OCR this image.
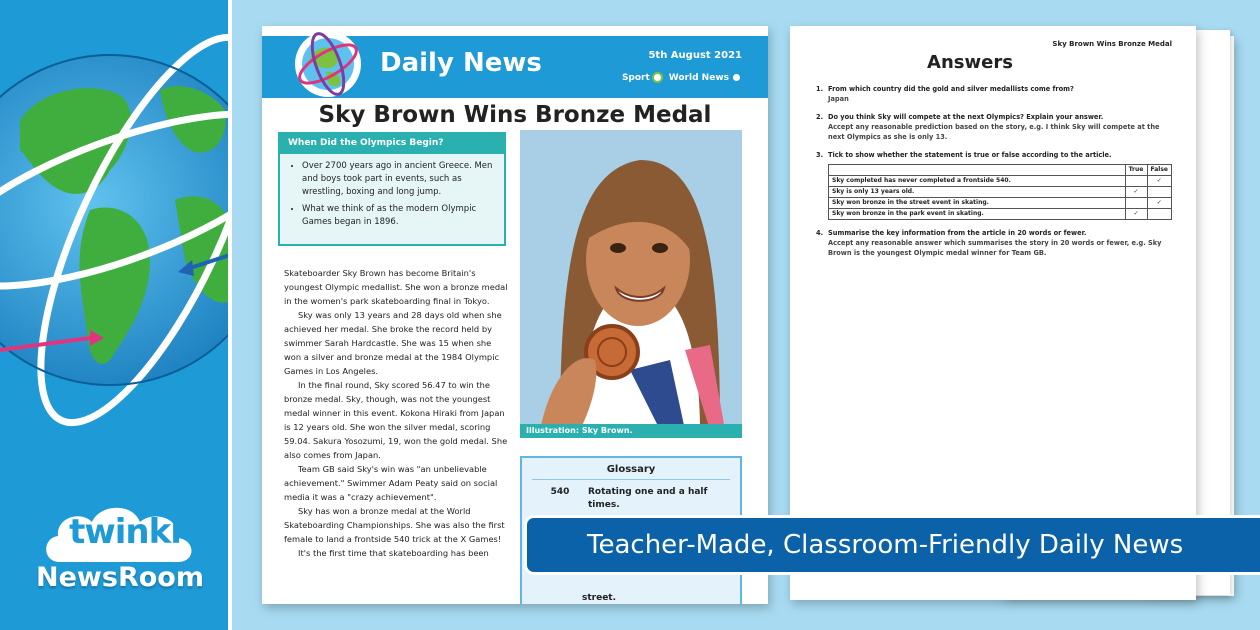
twinkl
NewsRoom
Sky Brown Wins Bronze Medal
Answers
1. From which country did the gold and silver medallists come from?
Japan
2. Do you think Sky will compete at the next Olympics? Explain your answer.
Accept any reasonable prediction based on the story, e.g. I think Sky will compete at the next Olympics as she is only 13.
3. Tick to show whether the statement is true or false according to the article.
	True	False
Sky completed has never completed a frontside 540.		✓
Sky is only 13 years old.	✓	
Sky won bronze in the street event in skating.		✓
Sky won bronze in the park event in skating.	✓	
4. Summarise the key information from the article in 20 words or fewer.
Accept any reasonable answer which summarises the story in 20 words or fewer, e.g. Sky Brown is the youngest Olympic medal winner for Team GB.
Daily News	5th August 2021
Sport	World News
Sky Brown Wins Bronze Medal
When Did the Olympics Begin?
• Over 2700 years ago in ancient Greece. Men and boys took part in events, such as wrestling, boxing and long jump.
• What we think of as the modern Olympic Games began in 1896.

Skateboarder Sky Brown has become Britain's youngest Olympic medallist. She won a bronze medal in the women's park skateboarding final in Tokyo.

Sky was only 13 years and 28 days old when she achieved her medal. She broke the record held by swimmer Sarah Hardcastle. She was 15 when she won a silver and bronze medal at the 1984 Olympic Games in Los Angeles.

In the final round, Sky scored 56.47 to win the bronze medal. Sky, though, was not the youngest medal winner in this event. Kokona Hiraki from Japan is 12 years old. She won the silver medal, scoring 59.04. Sakura Yosozumi, 19, won the gold medal. She also comes from Japan.

Team GB said Sky's win was "an unbelievable achievement." Swimmer Adam Peaty said on social media it was a "crazy achievement".

Sky has won a bronze medal at the World Skateboarding Championships. She was also the first female to land a frontside 540 trick at the X Games!

It's the first time that skateboarding has been

Illustration: Sky Brown.
Glossary
540	Rotating one and a half times.
street.
Teacher-Made, Classroom-Friendly Daily News
